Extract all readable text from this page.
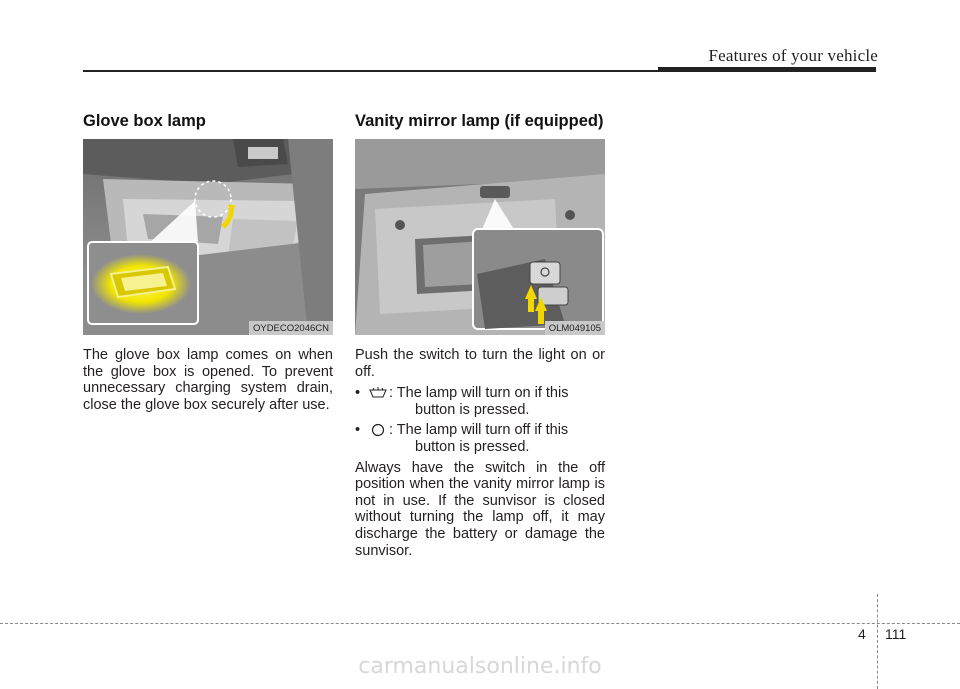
Features of your vehicle
Glove box lamp
OYDECO2046CN
The glove box lamp comes on when the glove box is opened. To prevent unnecessary charging system drain, close the glove box securely after use.
Vanity mirror lamp (if equipped)
OLM049105

Push the switch to turn the light on or off.

•	: The lamp will turn on if this
button is pressed.
•	: The lamp will turn off if this
button is pressed.

Always have the switch in the off position when the vanity mirror lamp is not in use. If the sunvisor is closed without turning the lamp off, it may discharge the battery or damage the sunvisor.

4 111
carmanualsonline.info
